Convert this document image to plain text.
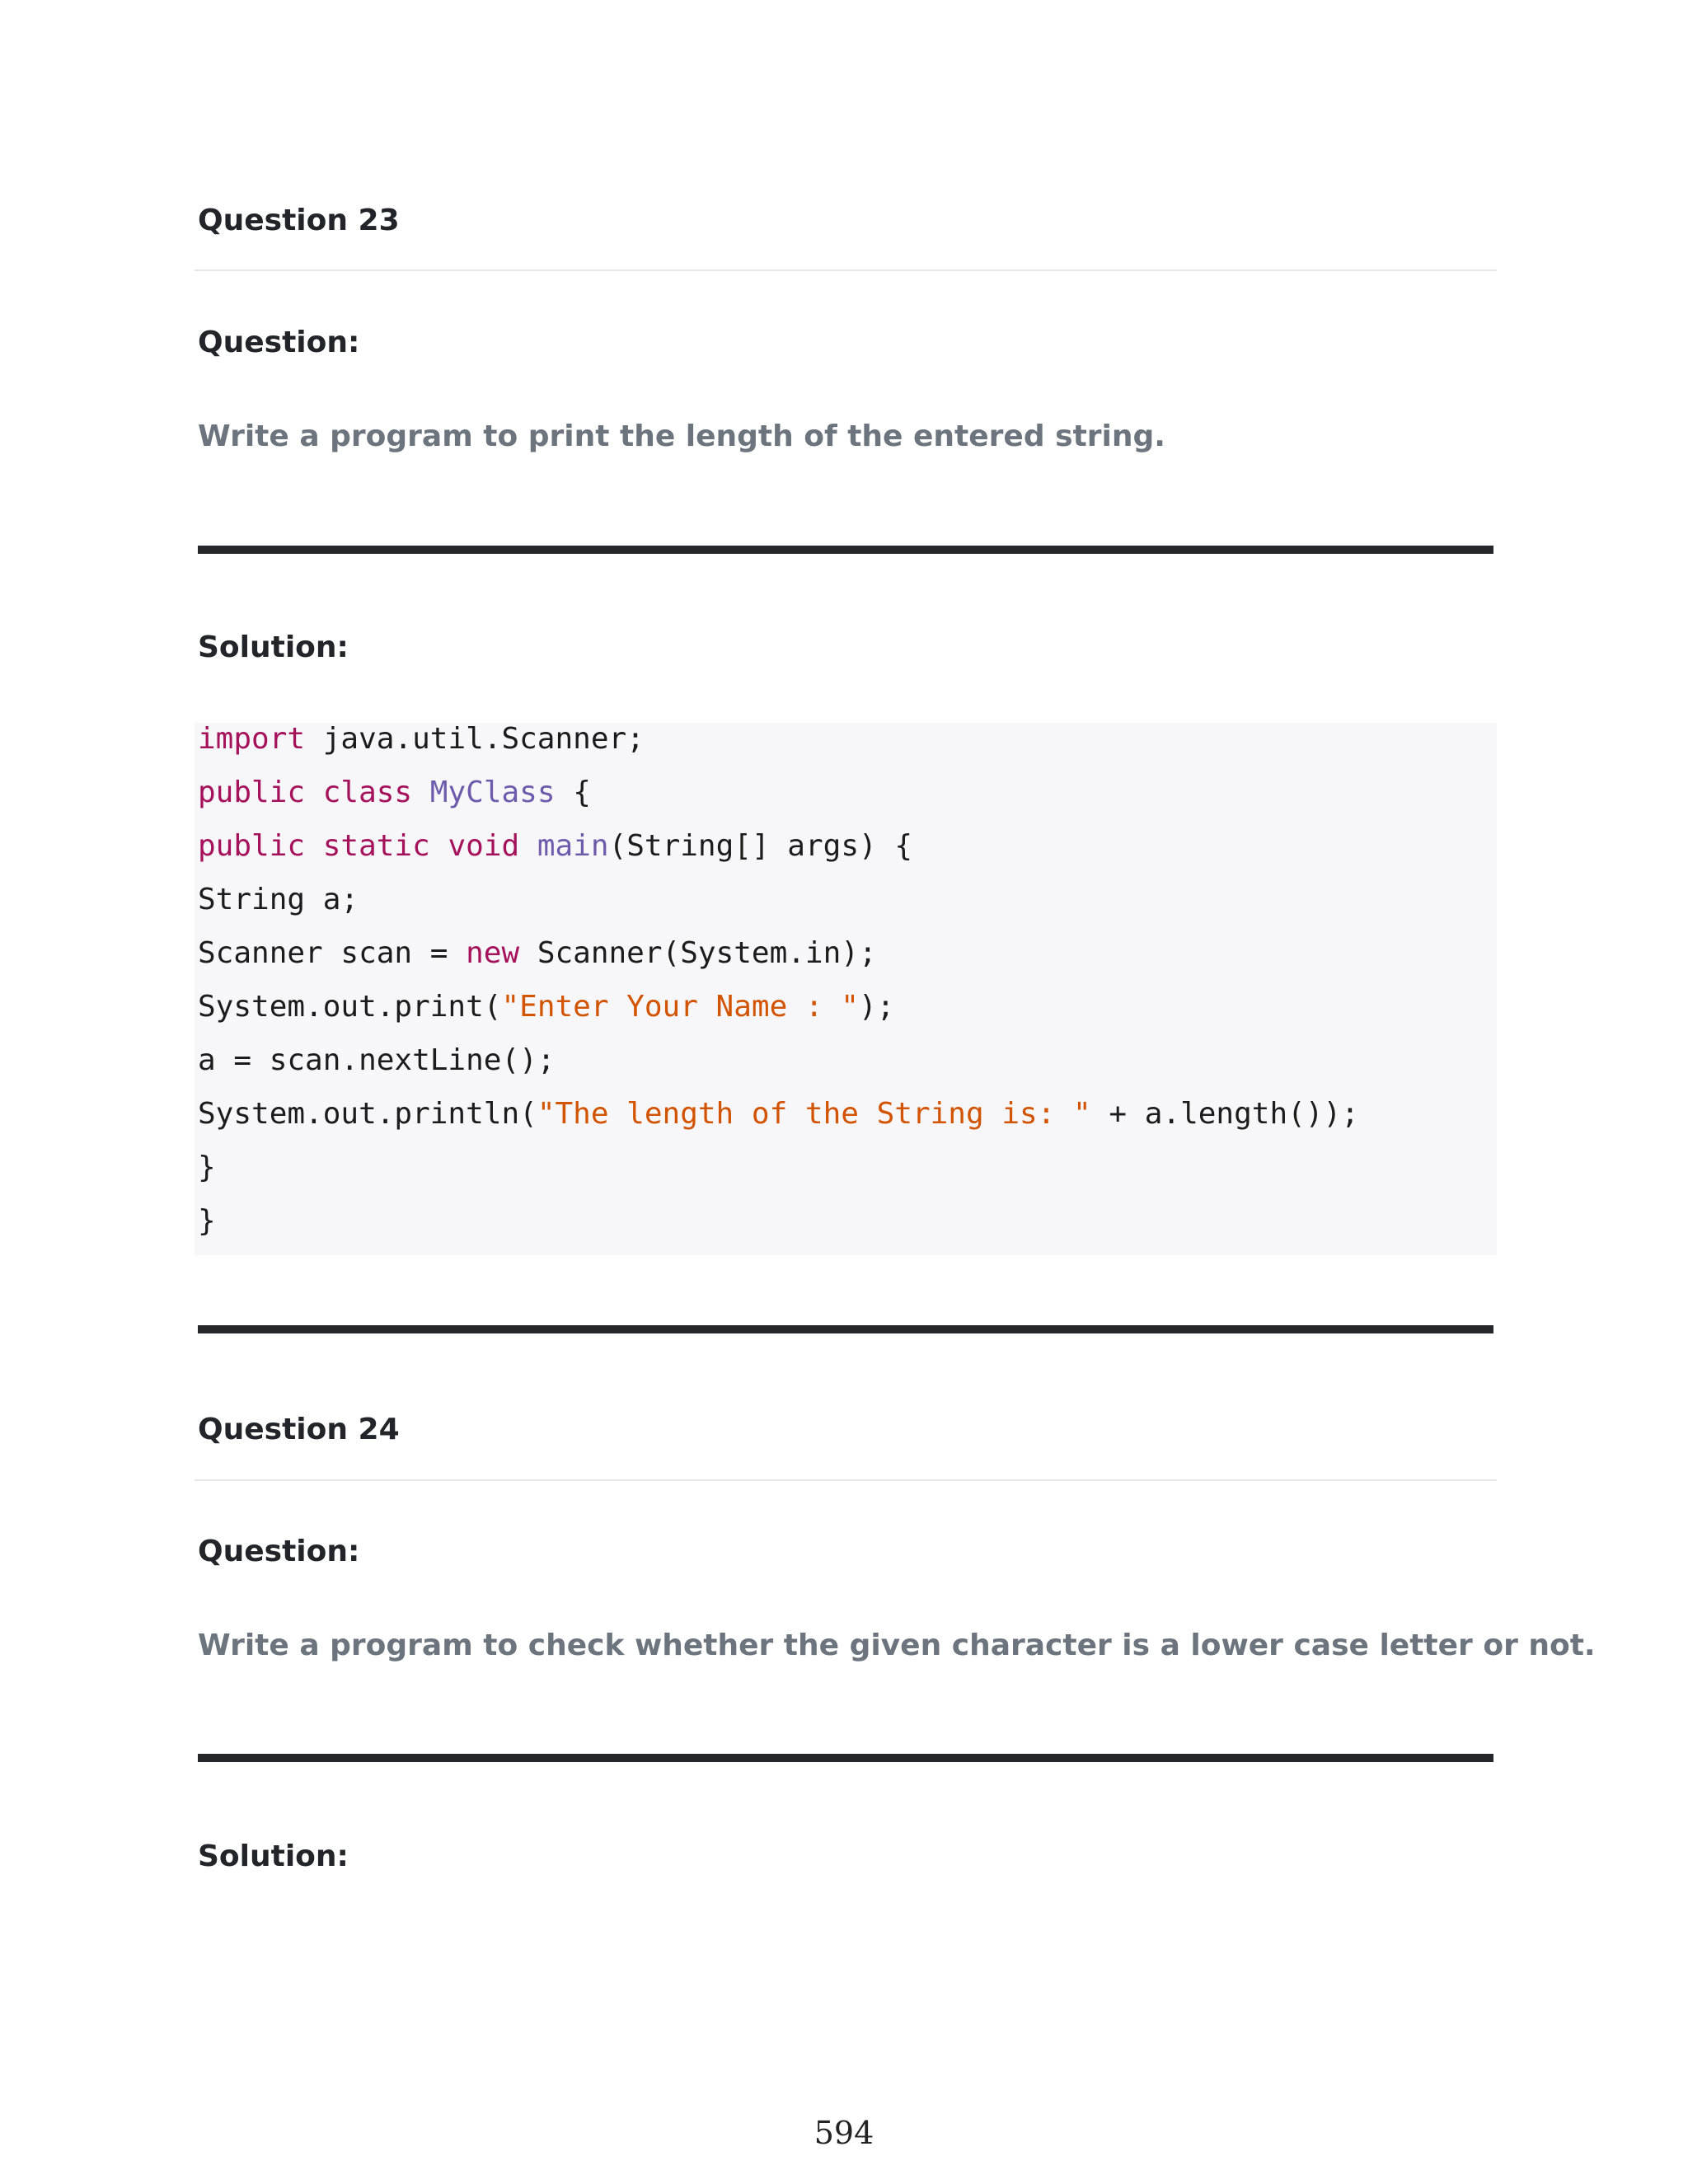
Question 23
Question:
Write a program to print the length of the entered string.
Solution:
import java.util.Scanner;
public class MyClass {
public static void main(String[] args) {
String a;
Scanner scan = new Scanner(System.in);
System.out.print("Enter Your Name : ");
a = scan.nextLine();
System.out.println("The length of the String is: " + a.length());
}
}
Question 24
Question:
Write a program to check whether the given character is a lower case letter or not.
Solution:
594
